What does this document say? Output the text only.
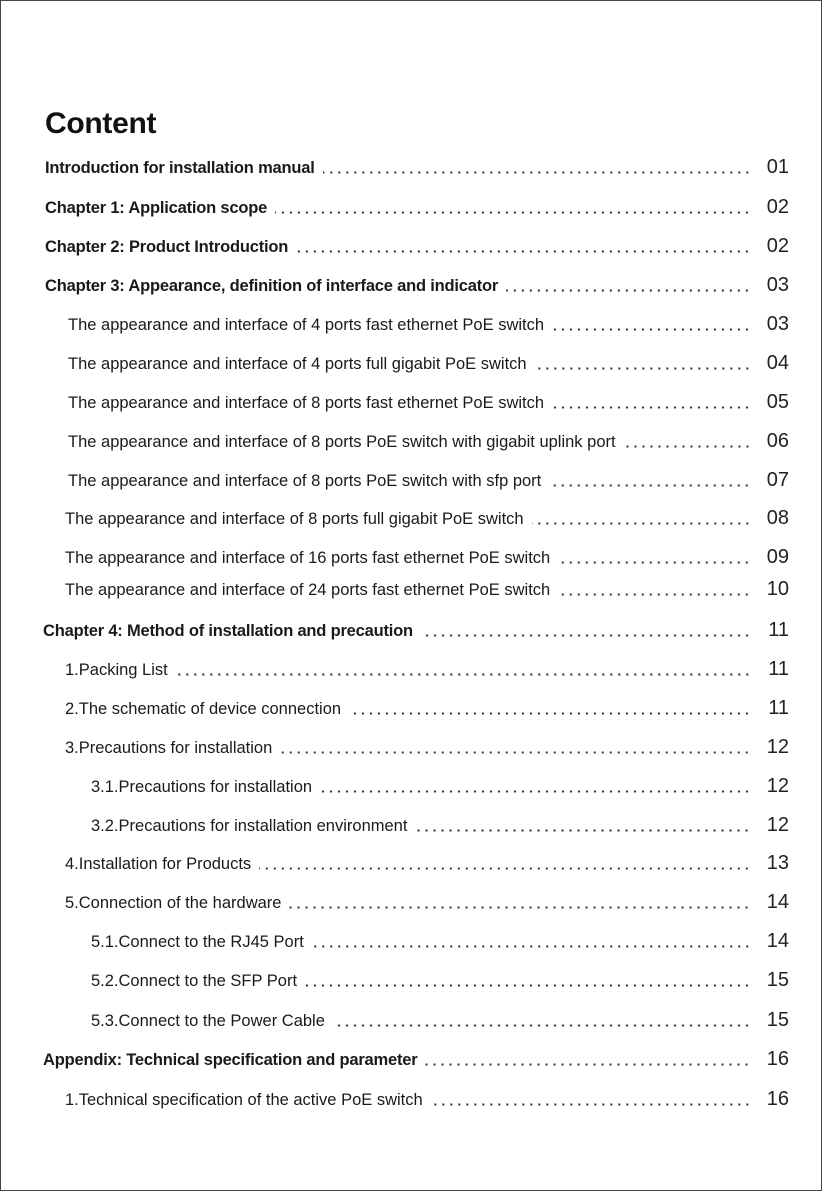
Content
Introduction for installation manual	01
Chapter 1: Application scope	02
Chapter 2: Product Introduction	02
Chapter 3: Appearance, definition of interface and indicator	03
The appearance and interface of 4 ports fast ethernet PoE switch	03
The appearance and interface of 4 ports full gigabit PoE switch	04
The appearance and interface of 8 ports fast ethernet PoE switch	05
The appearance and interface of 8 ports PoE switch with gigabit uplink port	06
The appearance and interface of 8 ports PoE switch with sfp port	07
The appearance and interface of 8 ports full gigabit PoE switch	08
The appearance and interface of 16 ports fast ethernet PoE switch	09
The appearance and interface of 24 ports fast ethernet PoE switch	10
Chapter 4: Method of installation and precaution	11
1.Packing List	11
2.The schematic of device connection	11
3.Precautions for installation	12
3.1.Precautions for installation	12
3.2.Precautions for installation environment	12
4.Installation for Products	13
5.Connection of the hardware	14
5.1.Connect to the RJ45 Port	14
5.2.Connect to the SFP Port	15
5.3.Connect to the Power Cable	15
Appendix: Technical specification and parameter	16
1.Technical specification of the active PoE switch	16
